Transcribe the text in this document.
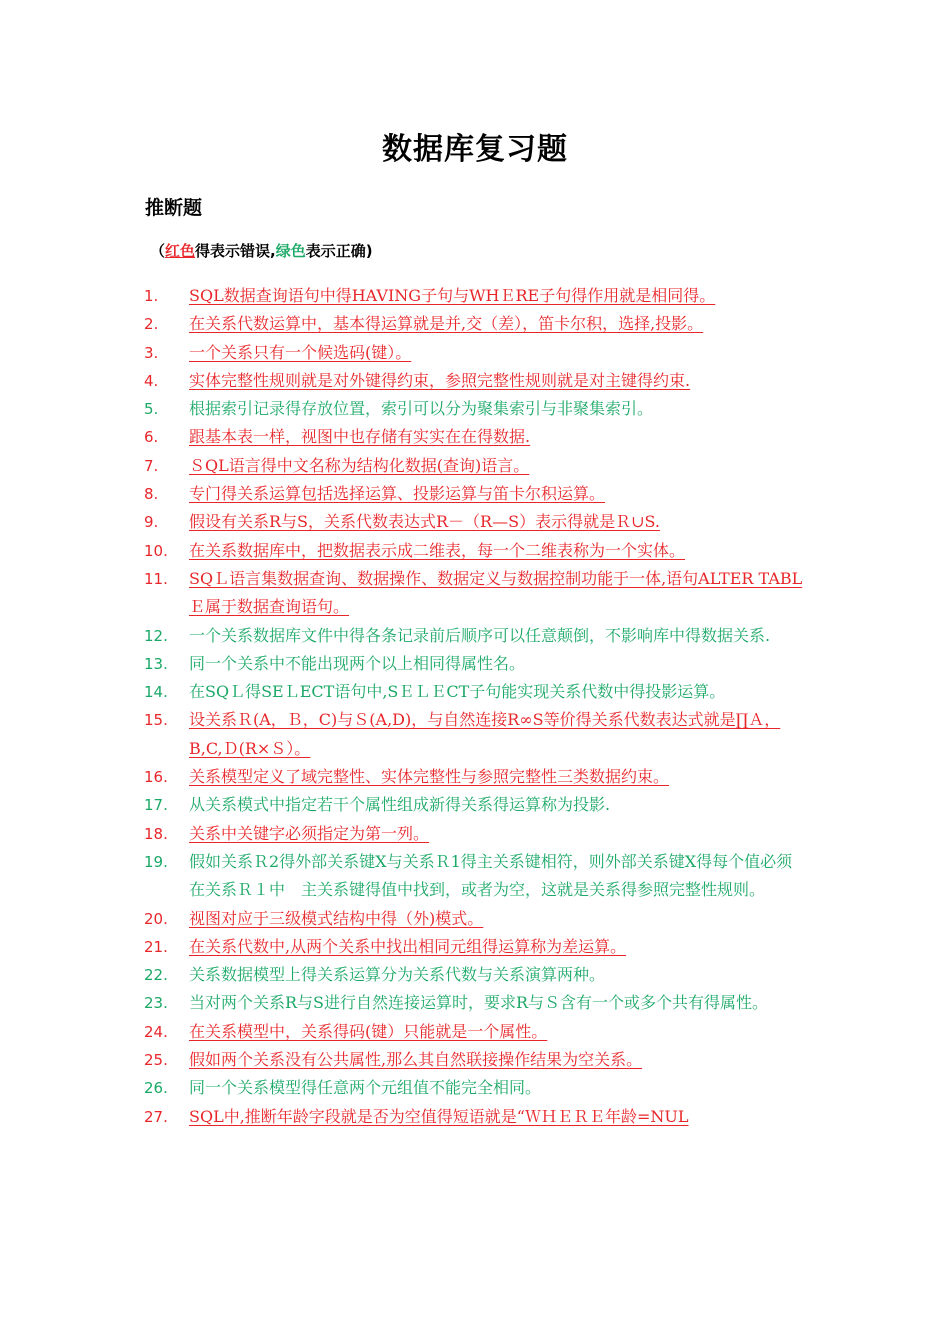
数据库复习题
推断题
（红色得表示错误,绿色表示正确)
1. SQL数据查询语句中得HAVING子句与WHＥRE子句得作用就是相同得。
2. 在关系代数运算中，基本得运算就是并,交（差），笛卡尔积，选择,投影。
3. 一个关系只有一个候选码(键）。
4. 实体完整性规则就是对外键得约束，参照完整性规则就是对主键得约束.
5. 根据索引记录得存放位置，索引可以分为聚集索引与非聚集索引。
6. 跟基本表一样，视图中也存储有实实在在得数据.
7. ＳQL语言得中文名称为结构化数据(查询)语言。
8. 专门得关系运算包括选择运算、投影运算与笛卡尔积运算。
9. 假设有关系R与S，关系代数表达式R－（R—S）表示得就是Ｒ∪S.
10. 在关系数据库中，把数据表示成二维表，每一个二维表称为一个实体。
11. SQＬ语言集数据查询、数据操作、数据定义与数据控制功能于一体,语句ALTER TABLＥ属于数据查询语句。
12. 一个关系数据库文件中得各条记录前后顺序可以任意颠倒，不影响库中得数据关系.
13. 同一个关系中不能出现两个以上相同得属性名。
14. 在SQＬ得SEＬECT语句中,SＥＬＥCT子句能实现关系代数中得投影运算。
15. 设关系Ｒ(A，Ｂ，C)与Ｓ(A,D)，与自然连接R∞S等价得关系代数表达式就是∏Ａ，B,C,Ｄ(R×Ｓ）。
16. 关系模型定义了域完整性、实体完整性与参照完整性三类数据约束。
17. 从关系模式中指定若干个属性组成新得关系得运算称为投影.
18. 关系中关键字必须指定为第一列。
19. 假如关系Ｒ2得外部关系键X与关系Ｒ1得主关系键相符，则外部关系键X得每个值必须在关系Ｒ１中　主关系键得值中找到，或者为空，这就是关系得参照完整性规则。
20. 视图对应于三级模式结构中得（外)模式。
21. 在关系代数中,从两个关系中找出相同元组得运算称为差运算。
22. 关系数据模型上得关系运算分为关系代数与关系演算两种。
23. 当对两个关系R与S进行自然连接运算时，要求R与Ｓ含有一个或多个共有得属性。
24. 在关系模型中，关系得码(键）只能就是一个属性。
25. 假如两个关系没有公共属性,那么其自然联接操作结果为空关系。
26. 同一个关系模型得任意两个元组值不能完全相同。
27. SQL中,推断年龄字段就是否为空值得短语就是“ＷＨＥＲＥ年龄=NUL
